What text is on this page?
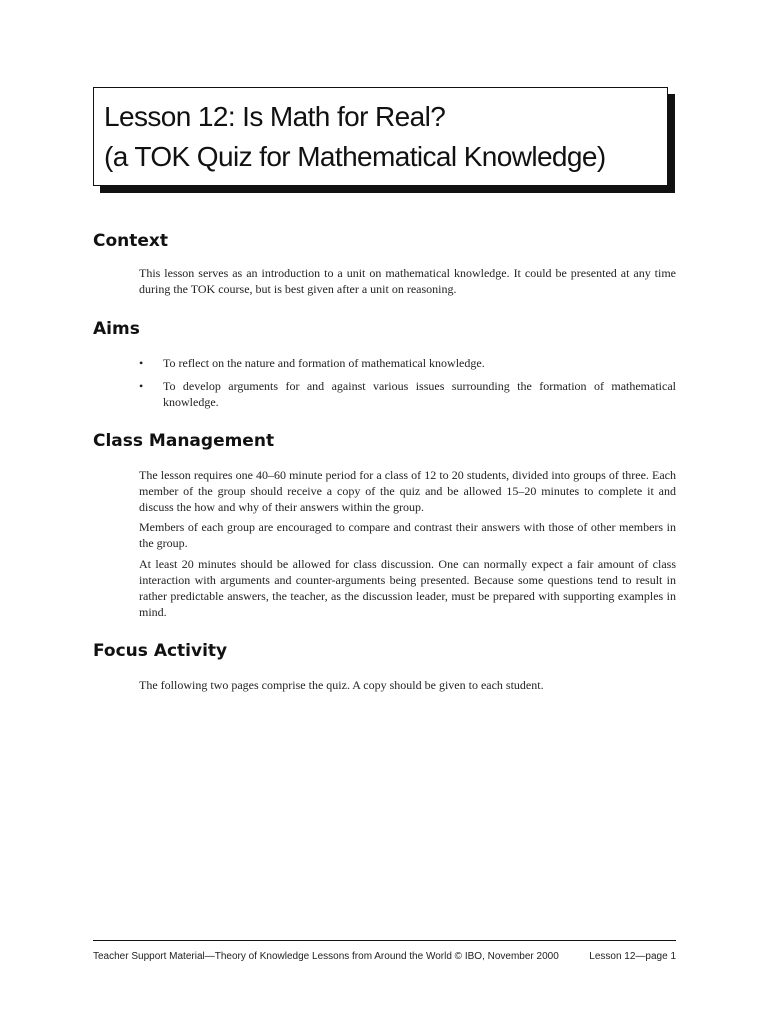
Lesson 12: Is Math for Real?
(a TOK Quiz for Mathematical Knowledge)
Context

This lesson serves as an introduction to a unit on mathematical knowledge. It could be presented at any time during the TOK course, but is best given after a unit on reasoning.

Aims
•	To reflect on the nature and formation of mathematical knowledge.
•	To develop arguments for and against various issues surrounding the formation of mathematical knowledge.
Class Management

The lesson requires one 40–60 minute period for a class of 12 to 20 students, divided into groups of three. Each member of the group should receive a copy of the quiz and be allowed 15–20 minutes to complete it and discuss the how and why of their answers within the group.

Members of each group are encouraged to compare and contrast their answers with those of other members in the group.

At least 20 minutes should be allowed for class discussion. One can normally expect a fair amount of class interaction with arguments and counter-arguments being presented. Because some questions tend to result in rather predictable answers, the teacher, as the discussion leader, must be prepared with supporting examples in mind.

Focus Activity

The following two pages comprise the quiz. A copy should be given to each student.

Teacher Support Material—Theory of Knowledge Lessons from Around the World © IBO, November 2000	Lesson 12—page 1
